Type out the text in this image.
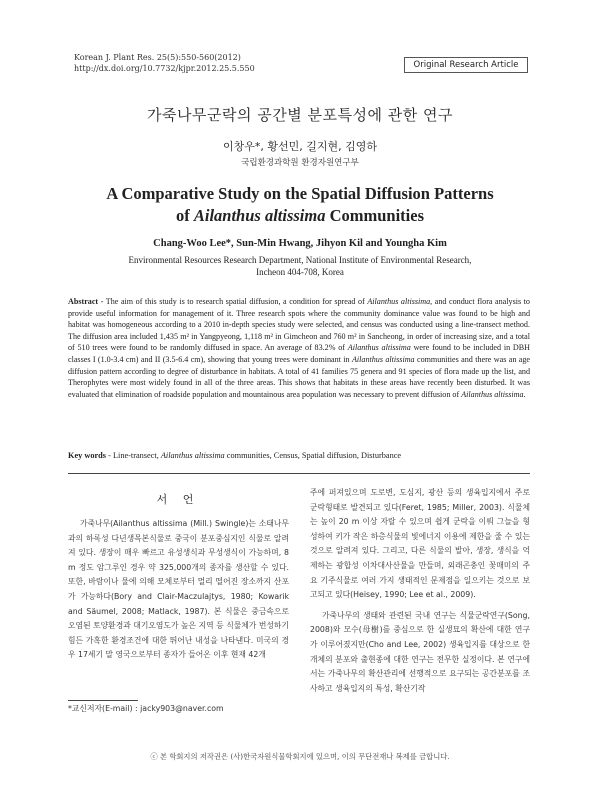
Korean J. Plant Res. 25(5):550-560(2012)
http://dx.doi.org/10.7732/kjpr.2012.25.5.550	Original Research Article
가죽나무군락의 공간별 분포특성에 관한 연구
이창우*, 황선민, 길지현, 김영하
국립환경과학원 환경자원연구부
A Comparative Study on the Spatial Diffusion Patterns
of Ailanthus altissima Communities
Chang-Woo Lee*, Sun-Min Hwang, Jihyon Kil and Youngha Kim
Environmental Resources Research Department, National Institute of Environmental Research,
Incheon 404-708, Korea
Abstract - The aim of this study is to research spatial diffusion, a condition for spread of Ailanthus altissima, and conduct flora analysis to provide useful information for management of it. Three research spots where the community dominance value was found to be high and habitat was homogeneous according to a 2010 in-depth species study were selected, and census was conducted using a line-transect method. The diffusion area included 1,435 m² in Yangpyeong, 1,118 m² in Gimcheon and 760 m² in Sancheong, in order of increasing size, and a total of 510 trees were found to be randomly diffused in space. An average of 83.2% of Ailanthus altissima were found to be included in DBH classes I (1.0-3.4 cm) and II (3.5-6.4 cm), showing that young trees were dominant in Ailanthus altissima communities and there was an age diffusion pattern according to degree of disturbance in habitats. A total of 41 families 75 genera and 91 species of flora made up the list, and Therophytes were most widely found in all of the three areas. This shows that habitats in these areas have recently been disturbed. It was evaluated that elimination of roadside population and mountainous area population was necessary to prevent diffusion of Ailanthus altissima.
Key words - Line-transect, Ailanthus altissima communities, Census, Spatial diffusion, Disturbance
서 언

가죽나무(Ailanthus altissima (Mill.) Swingle)는 소태나무과의 하록성 다년생목본식물로 중국이 분포중심지인 식물로 알려져 있다. 생장이 매우 빠르고 유성생식과 무성생식이 가능하며, 8 m 정도 암그루인 경우 약 325,000개의 종자를 생산할 수 있다. 또한, 바람이나 물에 의해 모체로부터 멀리 떨어진 장소까지 산포가 가능하다(Bory and Clair-Maczulajtys, 1980; Kowarik and Säumel, 2008; Matlack, 1987). 본 식물은 중금속으로 오염된 토양환경과 대기오염도가 높은 지역 등 식물체가 번성하기 힘든 가혹한 환경조건에 대한 뛰어난 내성을 나타낸다. 미국의 경우 17세기 말 영국으로부터 종자가 들어온 이후 현재 42개

주에 퍼져있으며 도로변, 도심지, 광산 등의 생육입지에서 주로 군락형태로 발견되고 있다(Feret, 1985; Miller, 2003). 식물체는 높이 20 m 이상 자랄 수 있으며 쉽게 군락을 이뤄 그늘을 형성하여 키가 작은 하층식물의 빛에너지 이용에 제한을 줄 수 있는 것으로 알려져 있다. 그리고, 다른 식물의 발아, 생장, 생식을 억제하는 광합성 이차대사산물을 만들며, 외래곤충인 꽃매미의 주요 기주식물로 여러 가지 생태적인 문제점을 일으키는 것으로 보고되고 있다(Heisey, 1990; Lee et al., 2009).

가죽나무의 생태와 관련된 국내 연구는 식물군락연구(Song, 2008)와 모수(母樹)를 중심으로 한 실생묘의 확산에 대한 연구가 이루어졌지만(Cho and Lee, 2002) 생육입지를 대상으로 한 개체의 분포와 출현종에 대한 연구는 전무한 실정이다. 본 연구에서는 가죽나무의 확산관리에 선행적으로 요구되는 공간분포를 조사하고 생육입지의 특성, 확산기작

*교신저자(E-mail) : jacky903@naver.com
ⓒ 본 학회지의 저작권은 (사)한국자원식물학회지에 있으며, 이의 무단전재나 복제를 금합니다.
